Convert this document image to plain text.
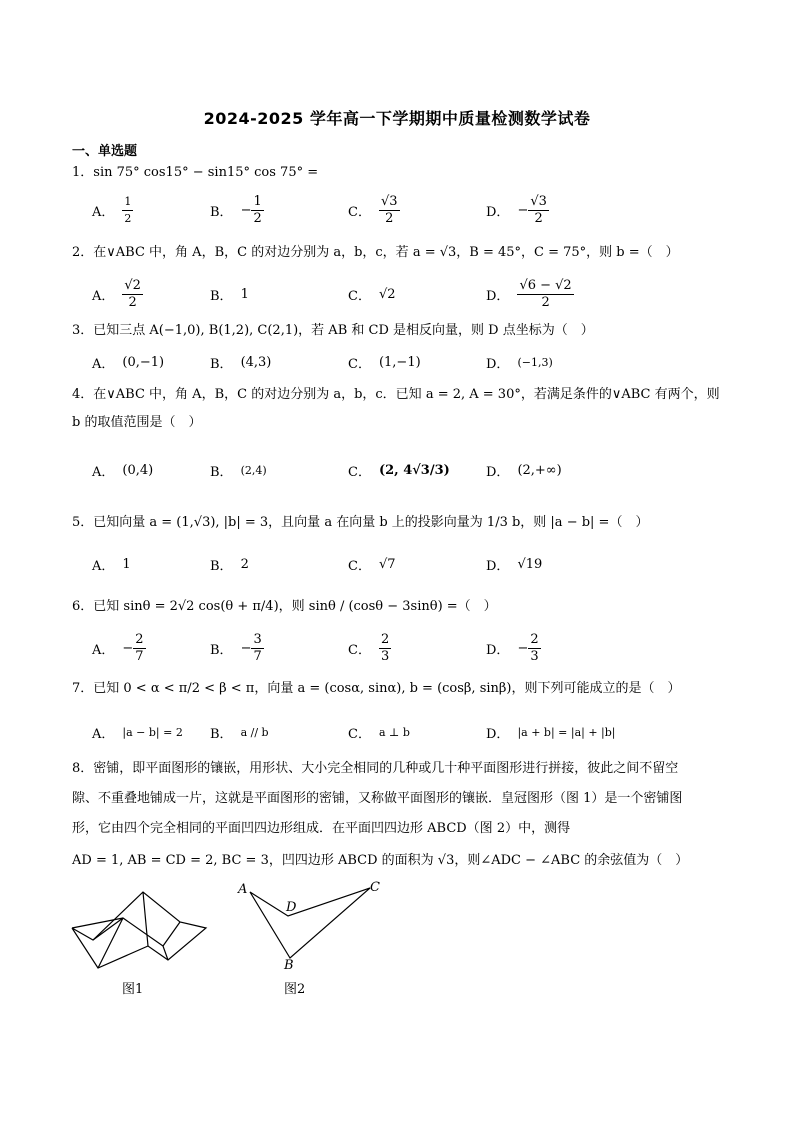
2024-2025 学年高一下学期期中质量检测数学试卷
一、单选题
1．sin 75° cos15° − sin15° cos 75° =
A． $\frac{1}{2}$	B． − $\frac{1}{2}$	C． $\frac{√3}{2}$	D． − $\frac{√3}{2}$
2．在∨ABC 中，角 A，B，C 的对边分别为 a，b，c，若 a = √3，B = 45°，C = 75°，则 b =（　）
A． $\frac{√2}{2}$	B． 1	C． √2	D． $\frac{√6 - √2}{2}$
3．已知三点 A(−1,0), B(1,2), C(2,1)，若 AB 和 CD 是相反向量，则 D 点坐标为（　）
A． (0,−1)	B． (4,3)	C． (1,−1)	D． (−1,3)
4．在∨ABC 中，角 A，B，C 的对边分别为 a，b，c．已知 a = 2, A = 30°，若满足条件的∨ABC 有两个，则
b 的取值范围是（　）
A． (0,4)	B． (2,4)	C． (2, 4√3/3)	D． (2,+∞)
5．已知向量 a = (1,√3), |b| = 3，且向量 a 在向量 b 上的投影向量为 1/3 b，则 |a − b| =（　）
A． 1	B． 2	C． √7	D． √19
6．已知 sinθ = 2√2 cos(θ + π/4)，则 sinθ / (cosθ − 3sinθ) =（　）
A． − $\frac{2}{7}$	B． − $\frac{3}{7}$	C． $\frac{2}{3}$	D． − $\frac{2}{3}$
7．已知 0 < α < π/2 < β < π，向量 a = (cosα, sinα), b = (cosβ, sinβ)，则下列可能成立的是（　）
A． |a − b| = 2 B． a // b	C． a ⊥ b	D． |a + b| = |a| + |b|
8．密铺，即平面图形的镶嵌，用形状、大小完全相同的几种或几十种平面图形进行拼接，彼此之间不留空
隙、不重叠地铺成一片，这就是平面图形的密铺，又称做平面图形的镶嵌．皇冠图形（图 1）是一个密铺图
形，它由四个完全相同的平面凹四边形组成．在平面凹四边形 ABCD（图 2）中，测得
AD = 1, AB = CD = 2, BC = 3，凹四边形 ABCD 的面积为 √3，则∠ADC − ∠ABC 的余弦值为（　）
图1
A
D
C
B
图2
